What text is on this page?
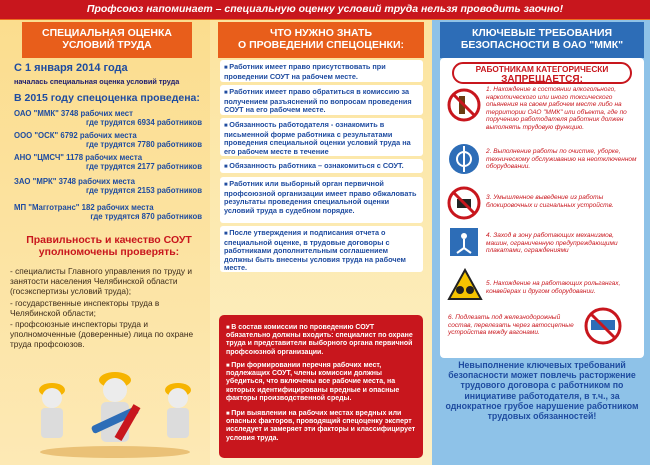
Профсоюз напоминает – специальную оценку условий труда нельзя проводить заочно!
СПЕЦИАЛЬНАЯ ОЦЕНКА
УСЛОВИЙ ТРУДА
С 1 января 2014 года
началась специальная оценка условий труда
В 2015 году спецоценка проведена:
ОАО "ММК" 3748 рабочих мест
где трудятся 6934 работников
ООО "ОСК" 6792 рабочих места
где трудятся 7780 работников
АНО "ЦМСЧ" 1178 рабочих места
где трудятся 2177 работников
ЗАО "МРК" 3748 рабочих места
где трудятся 2153 работников
МП "Магготранс" 182 рабочих места
где трудятся 870 работников
Правильность и качество СОУТ
уполномочены проверять:
- специалисты Главного управления по труду и занятости населения Челябинской области (госэкспертизы условий труда);
- государственные инспекторы труда в Челябинской области;
- профсоюзные инспекторы труда и уполномоченные (доверенные) лица по охране труда профсоюзов.
ЧТО НУЖНО ЗНАТЬ
О ПРОВЕДЕНИИ СПЕЦОЦЕНКИ:
■ Работник имеет право присутствовать при проведении СОУТ на рабочем месте.
■ Работник имеет право обратиться в комиссию за получением разъяснений по вопросам проведения СОУТ на его рабочем месте.
■ Обязанность работодателя - ознакомить в письменной форме работника с результатами проведения специальной оценки условий труда на его рабочем месте в течение
■ Обязанность работника – ознакомиться с СОУТ.
■ Работник или выборный орган первичной профсоюзной организации имеет право обжаловать результаты проведения специальной оценки условий труда в судебном порядке.
■ После утверждения и подписания отчета о специальной оценке, в трудовые договоры с работниками дополнительным соглашением должны быть внесены условия труда на рабочем месте.
■ В состав комиссии по проведению СОУТ обязательно должны входить: специалист по охране труда и представители выборного органа первичной профсоюзной организации.
■ При формировании перечня рабочих мест, подлежащих СОУТ, члены комиссии должны убедиться, что включены все рабочие места, на которых идентифицированы вредные и опасные факторы производственной среды.
■ При выявлении на рабочих местах вредных или опасных факторов, проводящий спецоценку эксперт исследует и замеряет эти факторы и классифицирует условия труда.
КЛЮЧЕВЫЕ ТРЕБОВАНИЯ
БЕЗОПАСНОСТИ В ОАО "ММК"
РАБОТНИКАМ КАТЕГОРИЧЕСКИ
ЗАПРЕЩАЕТСЯ:
1. Нахождение в состоянии алкогольного, наркотического или иного токсического опьянения на своем рабочем месте либо на территории ОАО "ММК" или объекта, где по поручению работодателя работник должен выполнять трудовую функцию.
2. Выполнение работы по очистке, уборке, техническому обслуживанию на неотключенном оборудовании.
3. Умышленное выведение из работы блокировочных и сигнальных устройств.
4. Заход в зону работающих механизмов, машин, ограниченную предупреждающими плакатами, ограждениями
5. Нахождение на работающих рольгангах, конвейерах и другом оборудовании.
6. Подлезать под железнодорожный состав, перелезать через автосцепные устройства между вагонами.
Невыполнение ключевых требований безопасности может повлечь расторжение трудового договора с работником по инициативе работодателя, в т.ч., за однократное грубое нарушение работником трудовых обязанностей!
